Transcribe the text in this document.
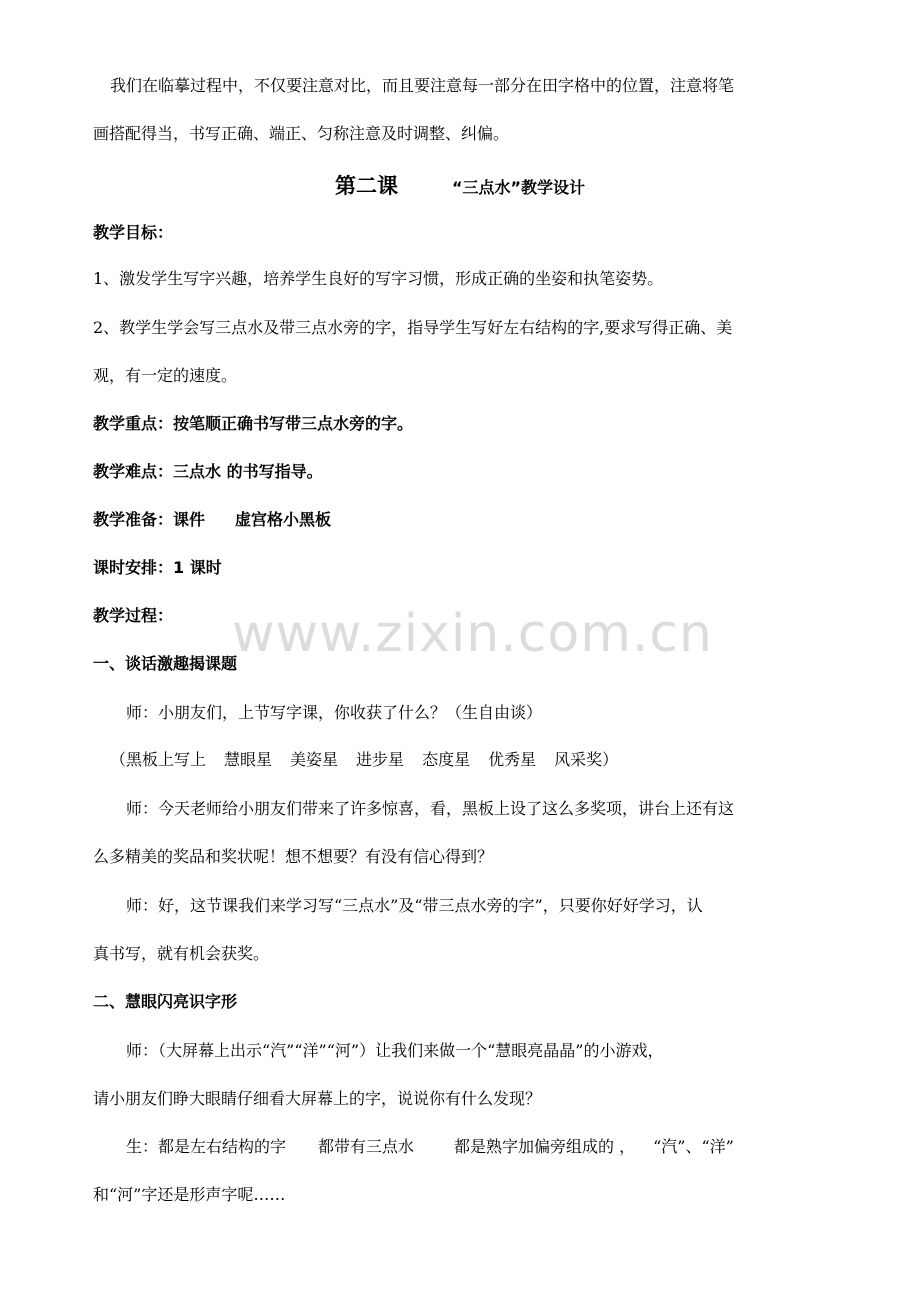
我们在临摹过程中，不仅要注意对比，而且要注意每一部分在田字格中的位置，注意将笔
画搭配得当，书写正确、端正、匀称注意及时调整、纠偏。
第二课	“三点水”教学设计
教学目标：
1、激发学生写字兴趣，培养学生良好的写字习惯，形成正确的坐姿和执笔姿势。
2、教学生学会写三点水及带三点水旁的字，指导学生写好左右结构的字,要求写得正确、美
观，有一定的速度。
教学重点：按笔顺正确书写带三点水旁的字。
教学难点：三点水 的书写指导。
教学准备：课件 虚宫格小黑板
课时安排：1 课时
教学过程： www.zixin.com.cn
一、谈话激趣揭课题
师：小朋友们，上节写字课，你收获了什么？（生自由谈）
（黑板上写上 慧眼星 美姿星 进步星 态度星 优秀星 风采奖）
师：今天老师给小朋友们带来了许多惊喜，看，黑板上设了这么多奖项，讲台上还有这
么多精美的奖品和奖状呢！想不想要？有没有信心得到？
师：好，这节课我们来学习写“三点水”及“带三点水旁的字”，只要你好好学习，认
真书写，就有机会获奖。
二、慧眼闪亮识字形
师：（大屏幕上出示“汽”“洋”“河”）让我们来做一个“慧眼亮晶晶”的小游戏，
请小朋友们睁大眼睛仔细看大屏幕上的字，说说你有什么发现？
生：都是左右结构的字 都带有三点水	都是熟字加偏旁组成的 ， “汽”、“洋”
和“河”字还是形声字呢……
